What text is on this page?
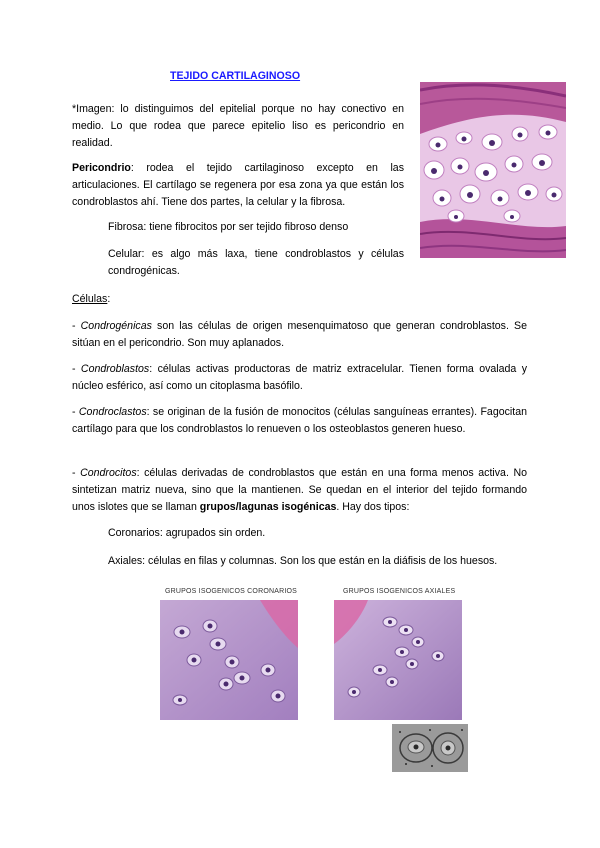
TEJIDO CARTILAGINOSO
*Imagen: lo distinguimos del epitelial porque no hay conectivo en medio. Lo que rodea que parece epitelio liso es pericondrio en realidad.
Pericondrio: rodea el tejido cartilaginoso excepto en las articulaciones. El cartílago se regenera por esa zona ya que están los condroblastos ahí. Tiene dos partes, la celular y la fibrosa.
Fibrosa: tiene fibrocitos por ser tejido fibroso denso
Celular: es algo más laxa, tiene condroblastos y células condrogénicas.
Células:
- Condrogénicas son las células de origen mesenquimatoso que generan condroblastos. Se sitúan en el pericondrio. Son muy aplanados.
- Condroblastos: células activas productoras de matriz extracelular. Tienen forma ovalada y núcleo esférico, así como un citoplasma basófilo.
- Condroclastos: se originan de la fusión de monocitos (células sanguíneas errantes). Fagocitan cartílago para que los condroblastos lo renueven o los osteoblastos generen hueso.
- Condrocitos: células derivadas de condroblastos que están en una forma menos activa. No sintetizan matriz nueva, sino que la mantienen. Se quedan en el interior del tejido formando unos islotes que se llaman grupos/lagunas isogénicas. Hay dos tipos:
Coronarios: agrupados sin orden.
Axiales: células en filas y columnas. Son los que están en la diáfisis de los huesos.
GRUPOS ISOGENICOS CORONARIOS	GRUPOS ISOGENICOS AXIALES
